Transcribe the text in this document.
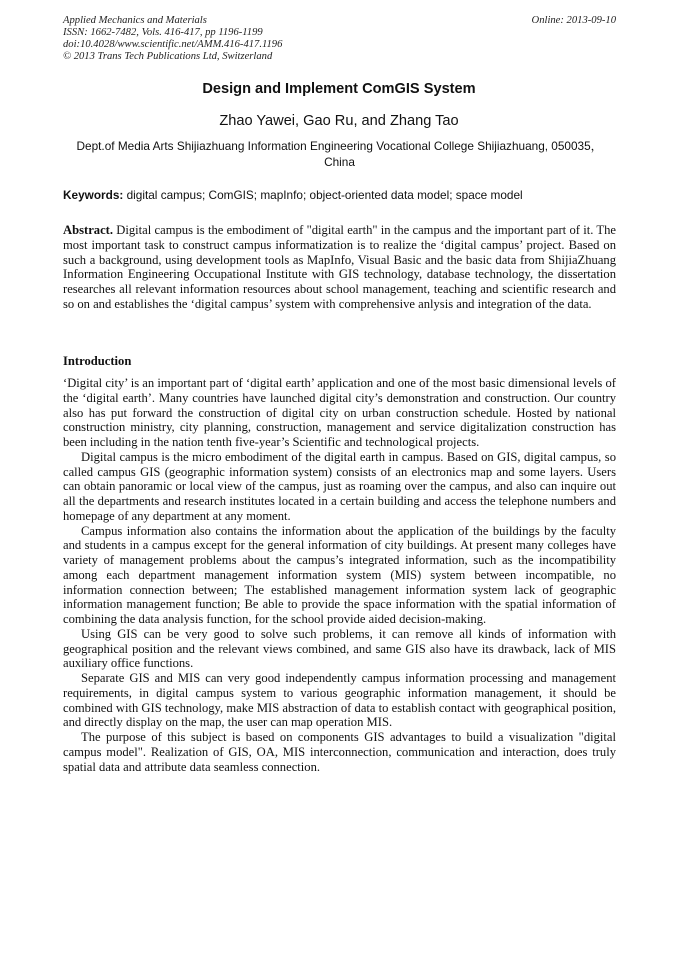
Applied Mechanics and Materials
ISSN: 1662-7482, Vols. 416-417, pp 1196-1199
doi:10.4028/www.scientific.net/AMM.416-417.1196
© 2013 Trans Tech Publications Ltd, Switzerland
Online: 2013-09-10
Design and Implement ComGIS System
Zhao Yawei, Gao Ru, and Zhang Tao
Dept.of Media Arts Shijiazhuang Information Engineering Vocational College Shijiazhuang, 050035，China
Keywords: digital campus; ComGIS; mapInfo; object-oriented data model; space model

Abstract. Digital campus is the embodiment of "digital earth" in the campus and the important part of it. The most important task to construct campus informatization is to realize the ‘digital campus’ project. Based on such a background, using development tools as MapInfo, Visual Basic and the basic data from ShijiaZhuang Information Engineering Occupational Institute with GIS technology, database technology, the dissertation researches all relevant information resources about school management, teaching and scientific research and so on and establishes the ‘digital campus’ system with comprehensive anlysis and integration of the data.

Introduction

‘Digital city’ is an important part of ‘digital earth’ application and one of the most basic dimensional levels of the ‘digital earth’. Many countries have launched digital city’s demonstration and construction. Our country also has put forward the construction of digital city on urban construction schedule. Hosted by national construction ministry, city planning, construction, management and service digitalization construction has been including in the nation tenth five-year’s Scientific and technological projects.

Digital campus is the micro embodiment of the digital earth in campus. Based on GIS, digital campus, so called campus GIS (geographic information system) consists of an electronics map and some layers. Users can obtain panoramic or local view of the campus, just as roaming over the campus, and also can inquire out all the departments and research institutes located in a certain building and access the telephone numbers and homepage of any department at any moment.

Campus information also contains the information about the application of the buildings by the faculty and students in a campus except for the general information of city buildings. At present many colleges have variety of management problems about the campus’s integrated information, such as the incompatibility among each department management information system (MIS) system between incompatible, no information connection between; The established management information system lack of geographic information management function; Be able to provide the space information with the spatial information of combining the data analysis function, for the school provide aided decision-making.

Using GIS can be very good to solve such problems, it can remove all kinds of information with geographical position and the relevant views combined, and same GIS also have its drawback, lack of MIS auxiliary office functions.

Separate GIS and MIS can very good independently campus information processing and management requirements, in digital campus system to various geographic information management, it should be combined with GIS technology, make MIS abstraction of data to establish contact with geographical position, and directly display on the map, the user can map operation MIS.

The purpose of this subject is based on components GIS advantages to build a visualization "digital campus model". Realization of GIS, OA, MIS interconnection, communication and interaction, does truly spatial data and attribute data seamless connection.
